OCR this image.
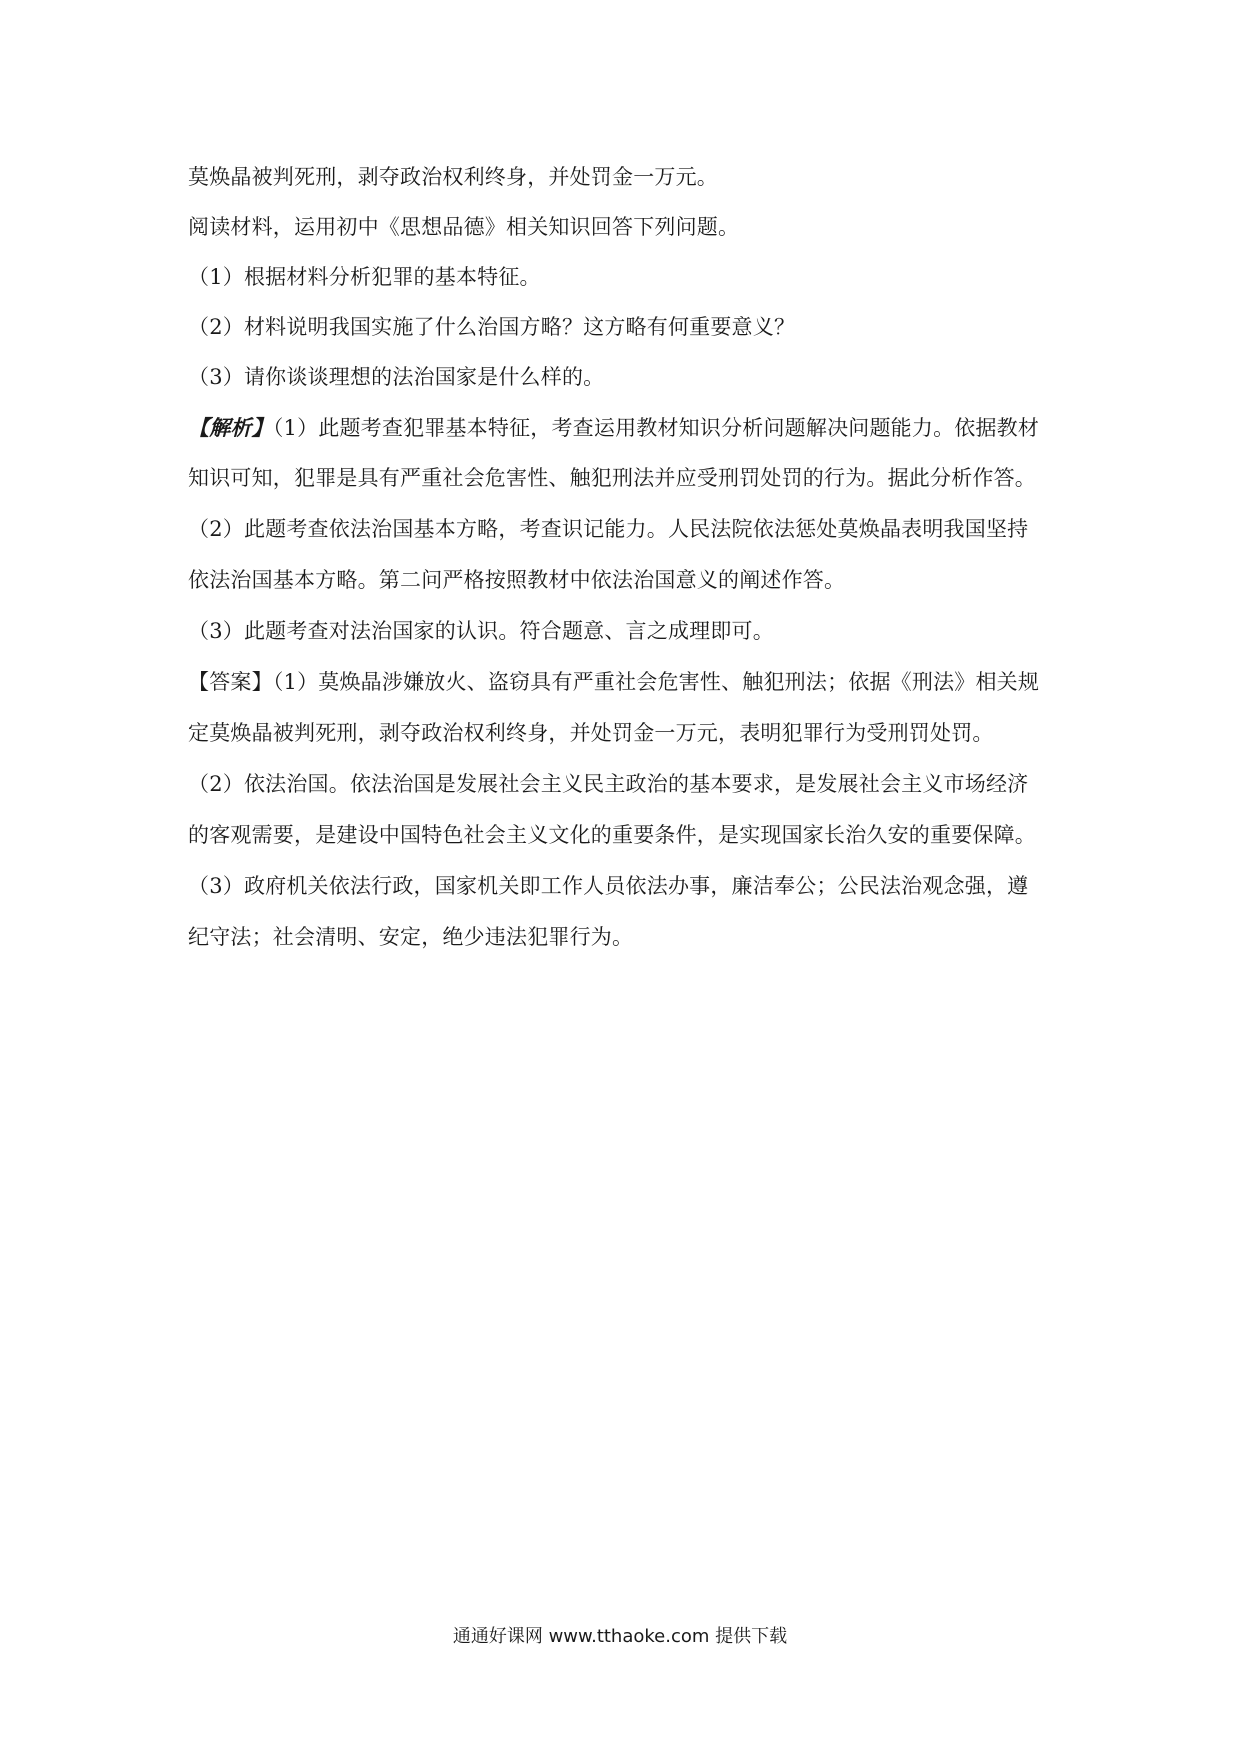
莫焕晶被判死刑，剥夺政治权利终身，并处罚金一万元。
阅读材料，运用初中《思想品德》相关知识回答下列问题。
（1）根据材料分析犯罪的基本特征。
（2）材料说明我国实施了什么治国方略？这方略有何重要意义？
（3）请你谈谈理想的法治国家是什么样的。
【解析】（1）此题考查犯罪基本特征，考查运用教材知识分析问题解决问题能力。依据教材
知识可知，犯罪是具有严重社会危害性、触犯刑法并应受刑罚处罚的行为。据此分析作答。
（2）此题考查依法治国基本方略，考查识记能力。人民法院依法惩处莫焕晶表明我国坚持
依法治国基本方略。第二问严格按照教材中依法治国意义的阐述作答。
（3）此题考查对法治国家的认识。符合题意、言之成理即可。
【答案】（1）莫焕晶涉嫌放火、盗窃具有严重社会危害性、触犯刑法；依据《刑法》相关规
定莫焕晶被判死刑，剥夺政治权利终身，并处罚金一万元，表明犯罪行为受刑罚处罚。
（2）依法治国。依法治国是发展社会主义民主政治的基本要求，是发展社会主义市场经济
的客观需要，是建设中国特色社会主义文化的重要条件，是实现国家长治久安的重要保障。
（3）政府机关依法行政，国家机关即工作人员依法办事，廉洁奉公；公民法治观念强，遵
纪守法；社会清明、安定，绝少违法犯罪行为。
通通好课网 www.tthaoke.com 提供下载
